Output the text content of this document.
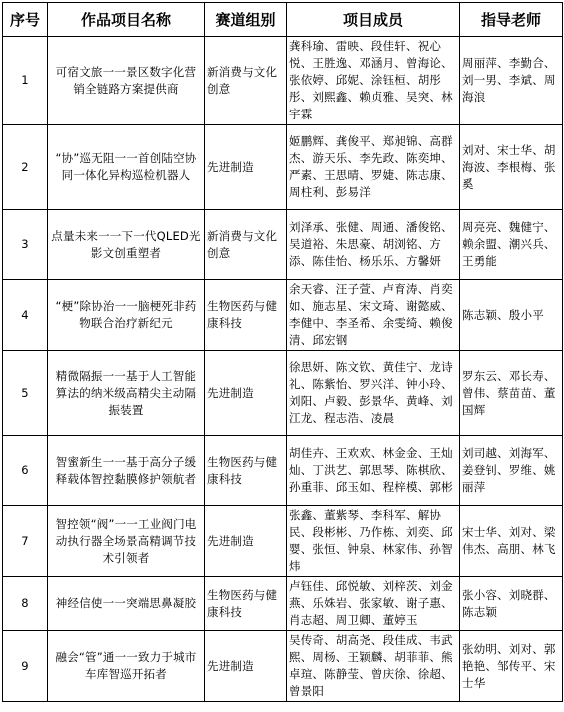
序号	作品项目名称	赛道组别	项目成员	指导老师
1	可宿文旅一一景区数字化营销全链路方案提供商	新消费与文化创意	龚科瑜、雷映、段佳轩、祝心悦、王胜逸、邓涵月、曾海论、张依婷、邱妮、涂钰桓、胡彤彤、刘熙鑫、赖贞雅、吴突、林宇霖	周丽萍、李勤合、刘一男、李斌、周海浪
2	“协”巡无阻一一首创陆空协同一体化异构巡检机器人	先进制造	姬鹏辉、龚俊平、郑昶锦、高群杰、游天乐、李先政、陈奕坤、严素、王思晴、罗婕、陈志康、周柱利、彭易洋	刘对、宋士华、胡海波、李根梅、张奚
3	点量未来一一下一代QLED光影文创重塑者	新消费与文化创意	刘泽承、张健、周通、潘俊铭、吴道裕、朱思豪、胡浏铭、方添、陈佳怡、杨乐乐、方馨妍	周亮亮、魏健宁、赖余盟、潮兴兵、王勇能
4	“梗”除协治一一脑梗死非药物联合治疗新纪元	生物医药与健康科技	余天睿、汪子萱、卢育涛、肖奕如、施志星、宋文琦、谢懿威、李健中、李圣希、余雯绮、赖俊清、邱宏钢	陈志颖、殷小平
5	精微隔振一一基于人工智能算法的纳米级高精尖主动隔振装置	先进制造	徐思妍、陈文钦、黄佳宁、龙诗礼、陈紫怡、罗兴洋、钟小玲、刘阳、卢毅、彭景华、黄峰、刘江龙、程志浩、凌晨	罗东云、邓长寿、曾伟、蔡苗苗、董国辉
6	智蜜新生一一基于高分子缓释载体智控黏膜修护领航者	生物医药与健康科技	胡佳卉、王欢欢、林金金、王灿灿、丁洪艺、郭思琴、陈棋欣、孙重菲、邱玉如、程梓模、郭彬	刘司越、刘海军、姜登钊、罗维、姚丽萍
7	智控领“阀”一一工业阀门电动执行器全场景高精调节技术引领者	先进制造	张鑫、董紫琴、李科军、解协民、段彬彬、乃作栋、刘奕、邱婴、张恒、钟泉、林家伟、孙智炜	宋士华、刘对、梁伟杰、高朋、林飞
8	神经信使一一突端思鼻凝胶	生物医药与健康科技	卢钰佳、邱悦敏、刘梓茨、刘金燕、乐姝岩、张家敏、谢子惠、肖志超、周卫卿、董婷玉	张小容、刘晓群、陈志颖
9	融会“管”通一一致力于城市车库智巡开拓者	先进制造	吴传奇、胡高尧、段佳成、韦武熙、周杨、王颖麟、胡菲菲、熊卓瑄、陈静莹、曾庆徐、徐超、曾景阳	张幼明、刘对、郭艳艳、邹传平、宋士华
